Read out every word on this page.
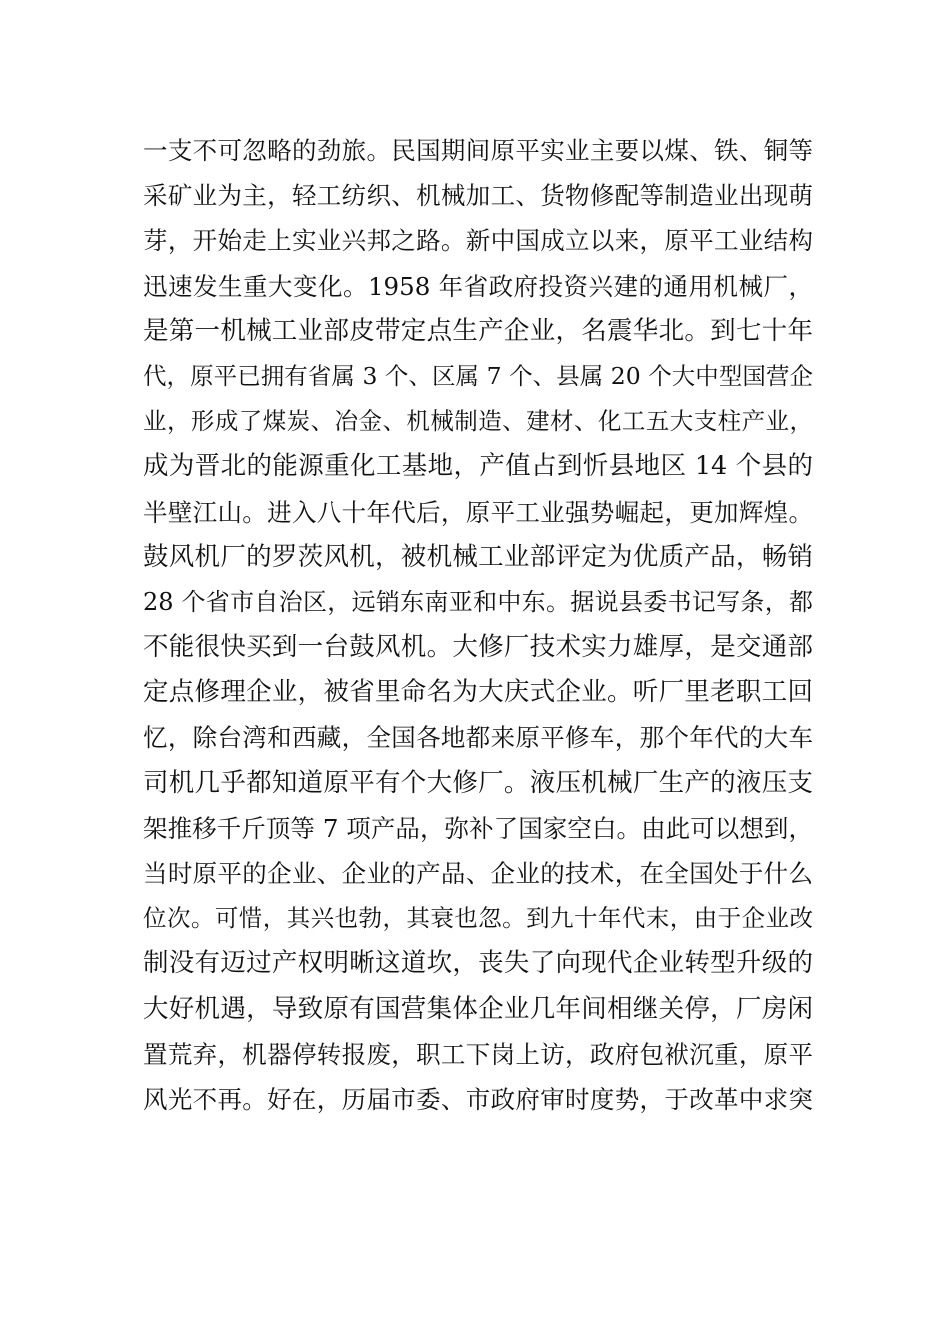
一支不可忽略的劲旅。民国期间原平实业主要以煤、铁、铜等
采矿业为主，轻工纺织、机械加工、货物修配等制造业出现萌
芽，开始走上实业兴邦之路。新中国成立以来，原平工业结构
迅速发生重大变化。1958 年省政府投资兴建的通用机械厂，
是第一机械工业部皮带定点生产企业，名震华北。到七十年
代，原平已拥有省属 3 个、区属 7 个、县属 20 个大中型国营企
业，形成了煤炭、冶金、机械制造、建材、化工五大支柱产业，
成为晋北的能源重化工基地，产值占到忻县地区 14 个县的
半壁江山。进入八十年代后，原平工业强势崛起，更加辉煌。
鼓风机厂的罗茨风机，被机械工业部评定为优质产品，畅销
28 个省市自治区，远销东南亚和中东。据说县委书记写条，都
不能很快买到一台鼓风机。大修厂技术实力雄厚，是交通部
定点修理企业，被省里命名为大庆式企业。听厂里老职工回
忆，除台湾和西藏，全国各地都来原平修车，那个年代的大车
司机几乎都知道原平有个大修厂。液压机械厂生产的液压支
架推移千斤顶等 7 项产品，弥补了国家空白。由此可以想到，
当时原平的企业、企业的产品、企业的技术，在全国处于什么
位次。可惜，其兴也勃，其衰也忽。到九十年代末，由于企业改
制没有迈过产权明晰这道坎，丧失了向现代企业转型升级的
大好机遇，导致原有国营集体企业几年间相继关停，厂房闲
置荒弃，机器停转报废，职工下岗上访，政府包袱沉重，原平
风光不再。好在，历届市委、市政府审时度势，于改革中求突
